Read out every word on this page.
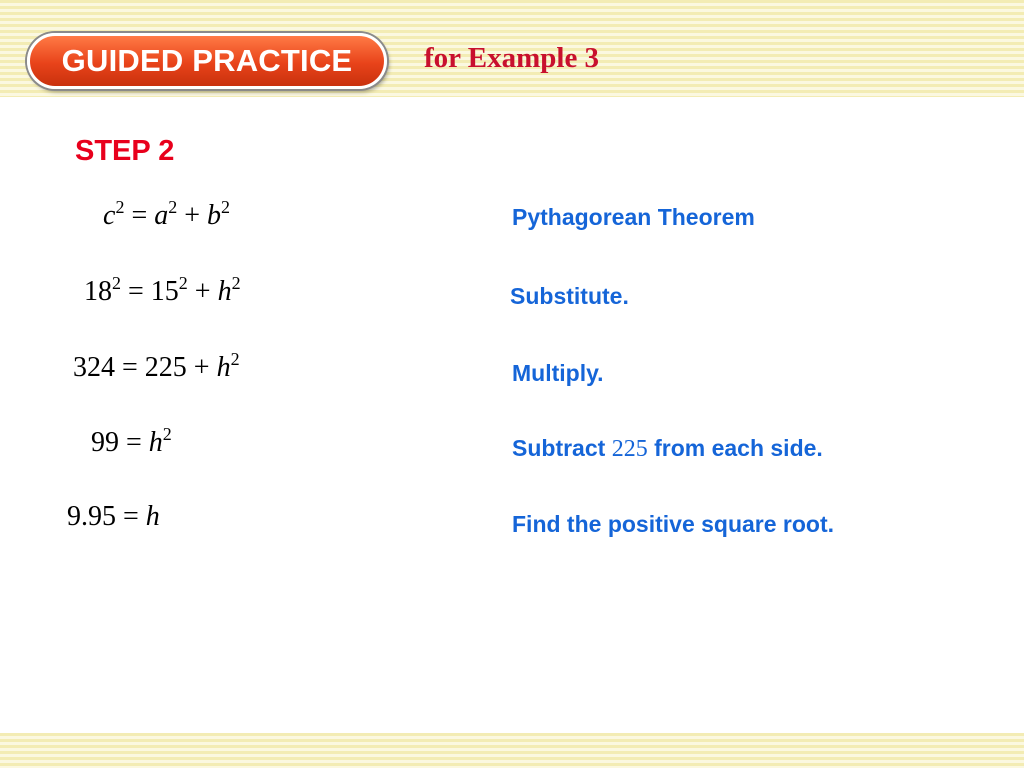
GUIDED PRACTICE for Example 3
STEP 2
$c^2 = a^2 + b^2$
$18^2 = 15^2 + h^2$
$324 = 225 + h^2$
$99 = h^2$
9.95 = h
Pythagorean Theorem
Substitute.
Multiply.
Subtract 225 from each side.
Find the positive square root.
